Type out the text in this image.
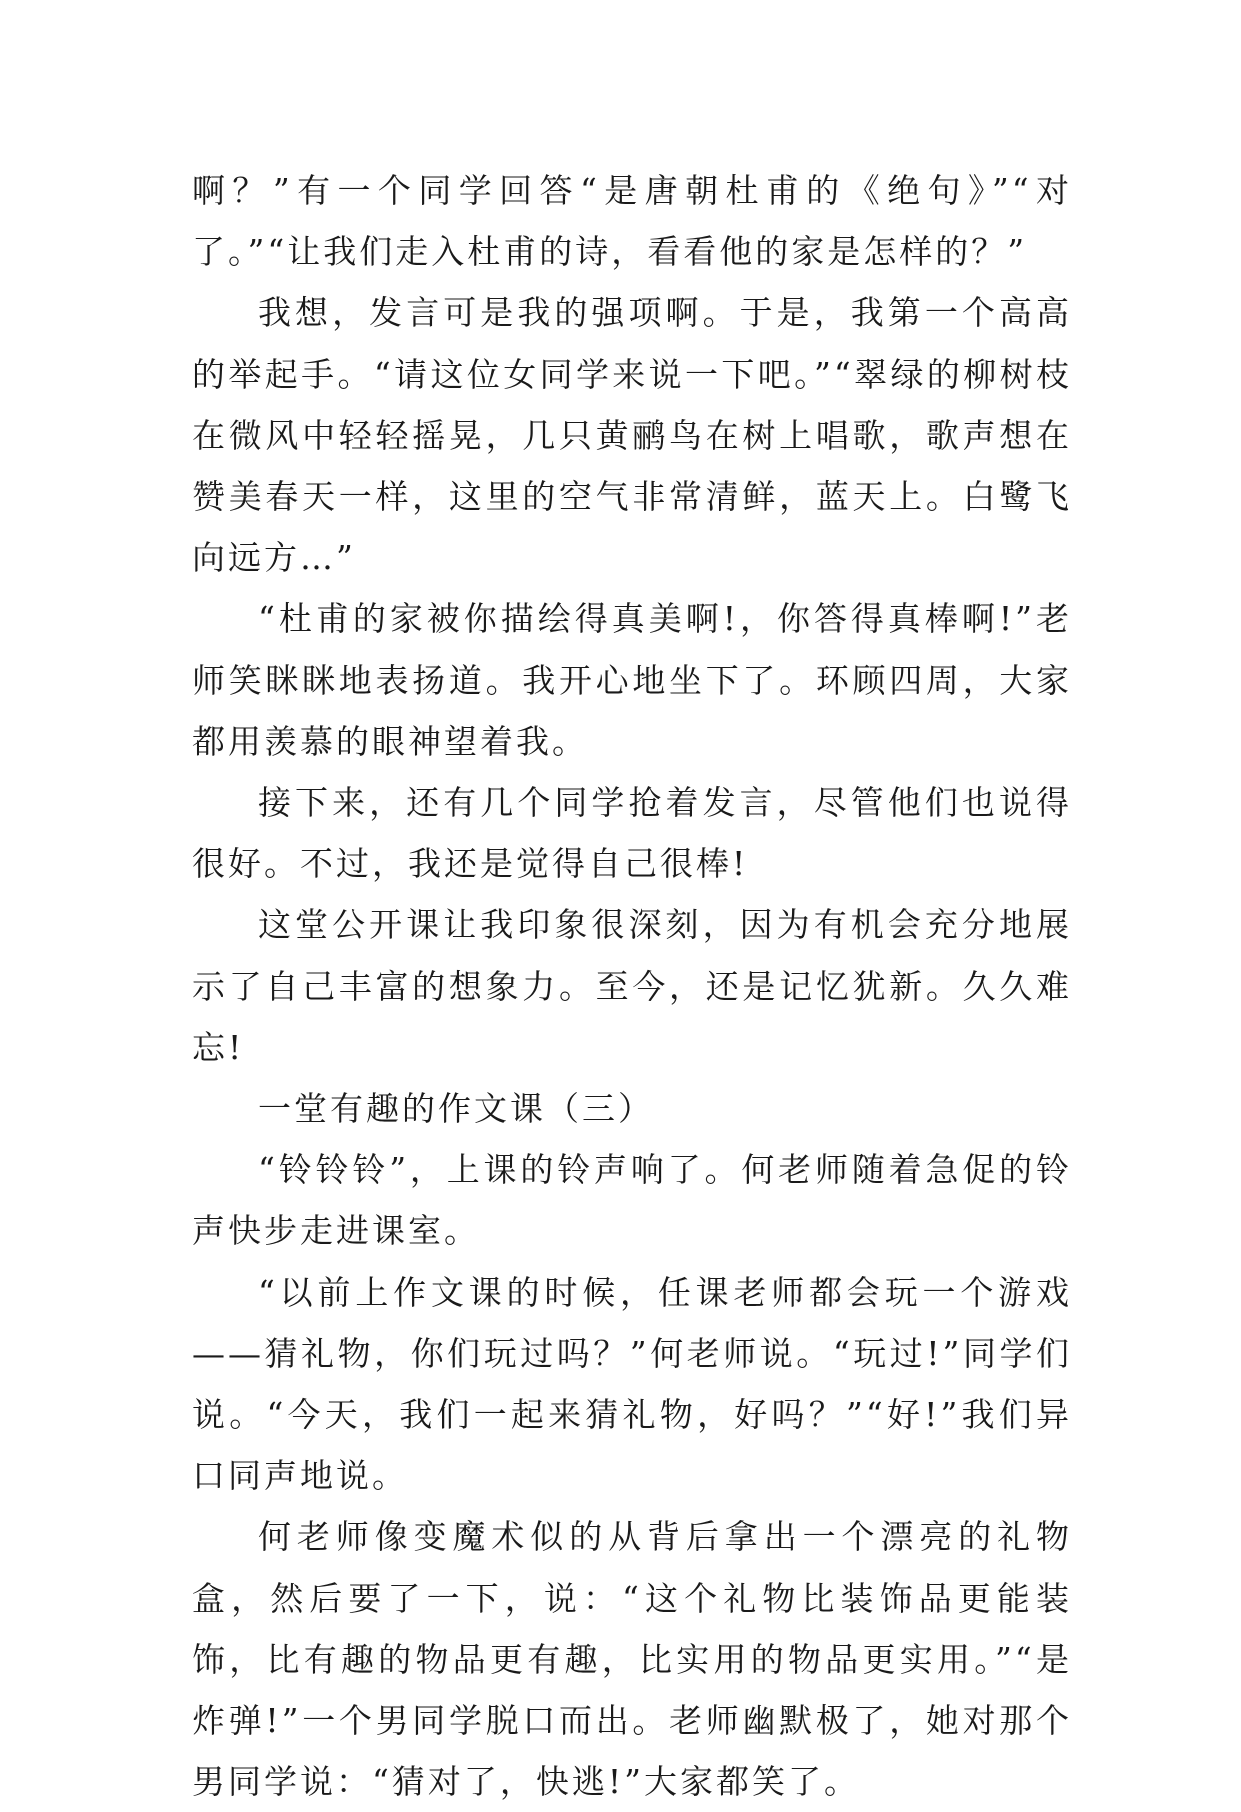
啊？”有一个同学回答“是唐朝杜甫的《绝句》”“对了。”“让我们走入杜甫的诗，看看他的家是怎样的？”

我想，发言可是我的强项啊。于是，我第一个高高的举起手。“请这位女同学来说一下吧。”“翠绿的柳树枝在微风中轻轻摇晃，几只黄鹂鸟在树上唱歌，歌声想在赞美春天一样，这里的空气非常清鲜，蓝天上。白鹭飞向远方…”

“杜甫的家被你描绘得真美啊!，你答得真棒啊!”老师笑眯眯地表扬道。我开心地坐下了。环顾四周，大家都用羡慕的眼神望着我。

接下来，还有几个同学抢着发言，尽管他们也说得很好。不过，我还是觉得自己很棒!

这堂公开课让我印象很深刻，因为有机会充分地展示了自己丰富的想象力。至今，还是记忆犹新。久久难忘!

一堂有趣的作文课（三）

“铃铃铃”，上课的铃声响了。何老师随着急促的铃声快步走进课室。

“以前上作文课的时候，任课老师都会玩一个游戏——猜礼物，你们玩过吗？”何老师说。“玩过!”同学们说。“今天，我们一起来猜礼物，好吗？”“好!”我们异口同声地说。

何老师像变魔术似的从背后拿出一个漂亮的礼物盒，然后要了一下，说：“这个礼物比装饰品更能装饰，比有趣的物品更有趣，比实用的物品更实用。”“是炸弹!”一个男同学脱口而出。老师幽默极了，她对那个男同学说：“猜对了，快逃!”大家都笑了。
